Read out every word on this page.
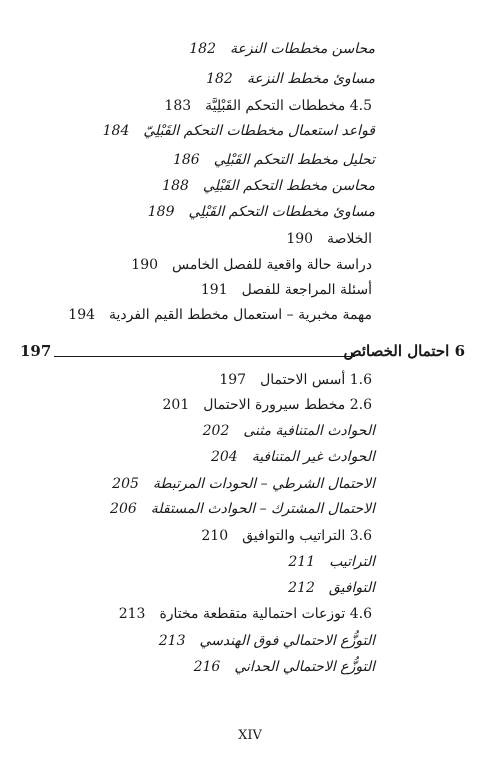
محاسن مخططات النزعة
182
مساوئ مخطط النزعة
182
4.5 مخططات التحكم القَبْلِيَّة
183
قواعد استعمال مخططات التحكم القَبْلِيّ
184
تحليل مخطط التحكم القَبْلِي
186
محاسن مخطط التحكم القَبْلِي
188
مساوئ مخططات التحكم القَبْلِي
189
الخلاصة
190
دراسة حالة واقعية للفصل الخامس
190
أسئلة المراجعة للفصل
191
مهمة مخبرية – استعمال مخطط القيم الفردية
194
6 احتمال الخصائص
197
1.6 أسس الاحتمال
197
2.6 مخطط سيرورة الاحتمال
201
الحوادث المتنافية مثنى
202
الحوادث غير المتنافية
204
الاحتمال الشرطي – الحودات المرتبطة
205
الاحتمال المشترك – الحوادث المستقلة
206
3.6 التراتيب والتوافيق
210
التراتيب
211
التوافيق
212
4.6 توزعات احتمالية متقطعة مختارة
213
التوزُّع الاحتمالي فوق الهندسي
213
التوزُّع الاحتمالي الحداني
216
XIV
